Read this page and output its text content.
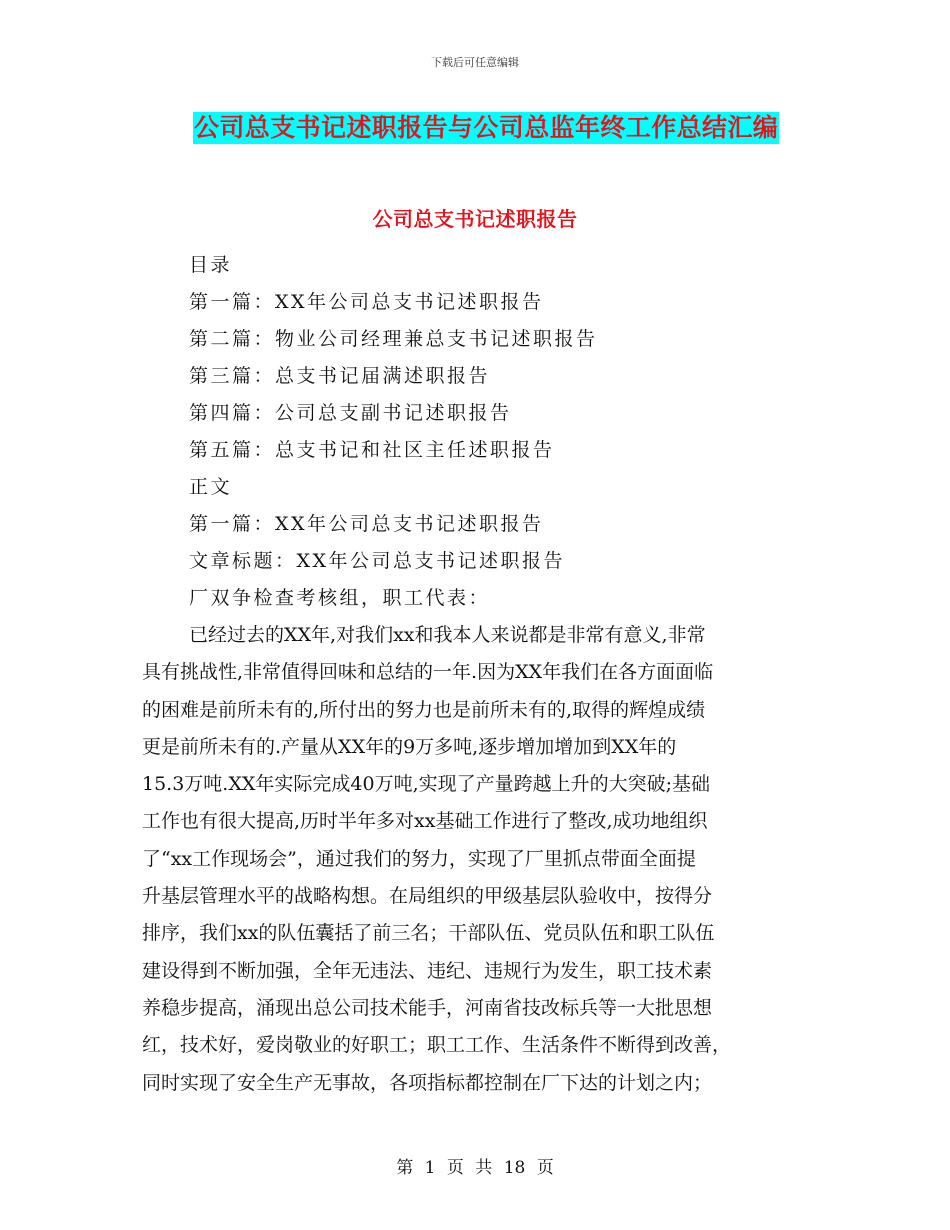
下载后可任意编辑
公司总支书记述职报告与公司总监年终工作总结汇编
公司总支书记述职报告
目录
第一篇：XX年公司总支书记述职报告
第二篇：物业公司经理兼总支书记述职报告
第三篇：总支书记届满述职报告
第四篇：公司总支副书记述职报告
第五篇：总支书记和社区主任述职报告
正文
第一篇：XX年公司总支书记述职报告
文章标题：XX年公司总支书记述职报告
厂双争检查考核组，职工代表：
已经过去的XX年,对我们xx和我本人来说都是非常有意义,非常
具有挑战性,非常值得回味和总结的一年.因为XX年我们在各方面面临
的困难是前所未有的,所付出的努力也是前所未有的,取得的辉煌成绩
更是前所未有的.产量从XX年的9万多吨,逐步增加增加到XX年的
15.3万吨.XX年实际完成40万吨,实现了产量跨越上升的大突破;基础
工作也有很大提高,历时半年多对xx基础工作进行了整改,成功地组织
了“xx工作现场会”，通过我们的努力，实现了厂里抓点带面全面提
升基层管理水平的战略构想。在局组织的甲级基层队验收中，按得分
排序，我们xx的队伍囊括了前三名；干部队伍、党员队伍和职工队伍
建设得到不断加强，全年无违法、违纪、违规行为发生，职工技术素
养稳步提高，涌现出总公司技术能手，河南省技改标兵等一大批思想
红，技术好，爱岗敬业的好职工；职工工作、生活条件不断得到改善，
同时实现了安全生产无事故，各项指标都控制在厂下达的计划之内；
第 1 页 共 18 页
